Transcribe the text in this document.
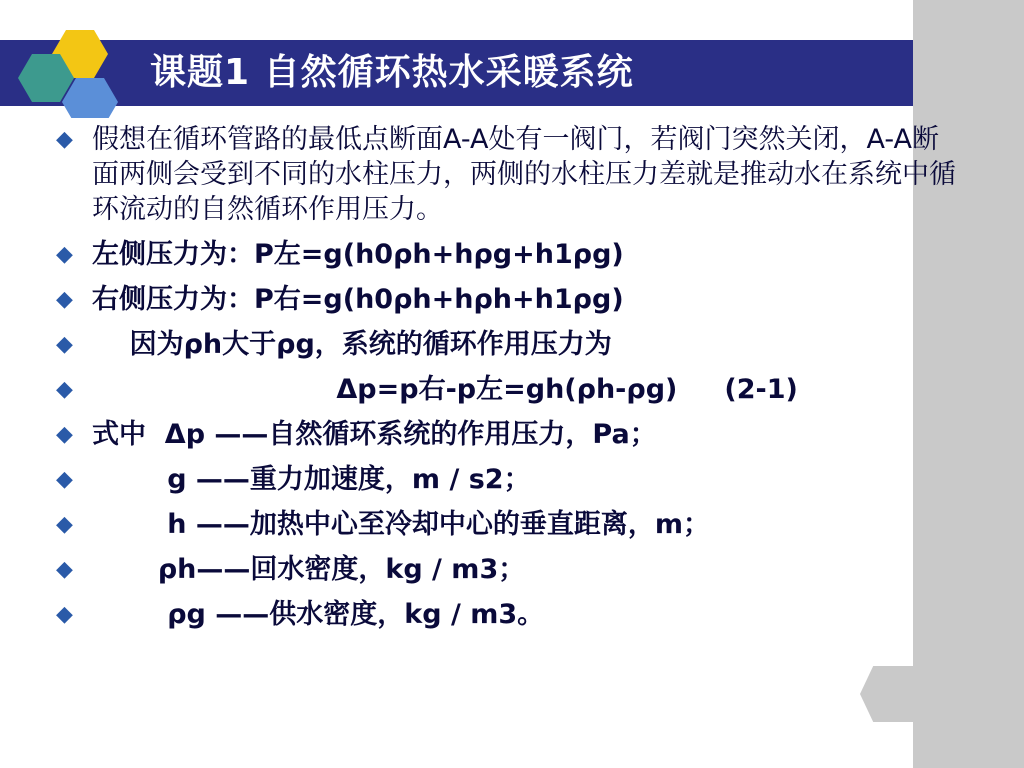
课题1 自然循环热水采暖系统
◆ 假想在循环管路的最低点断面A-A处有一阀门，若阀门突然关闭，A-A断面两侧会受到不同的水柱压力，两侧的水柱压力差就是推动水在系统中循环流动的自然循环作用压力。
◆ 左侧压力为：P左=g(h0ρh+hρg+h1ρg)
◆ 右侧压力为：P右=g(h0ρh+hρh+h1ρg)
◆ 因为ρh大于ρg，系统的循环作用压力为
◆ Δp=p右-p左=gh(ρh-ρg)     (2-1)
◆ 式中  Δp ——自然循环系统的作用压力，Pa；
◆ g ——重力加速度，m / s2；
◆ h ——加热中心至冷却中心的垂直距离，m；
◆ ρh——回水密度，kg / m3；
◆ ρg ——供水密度，kg / m3。
